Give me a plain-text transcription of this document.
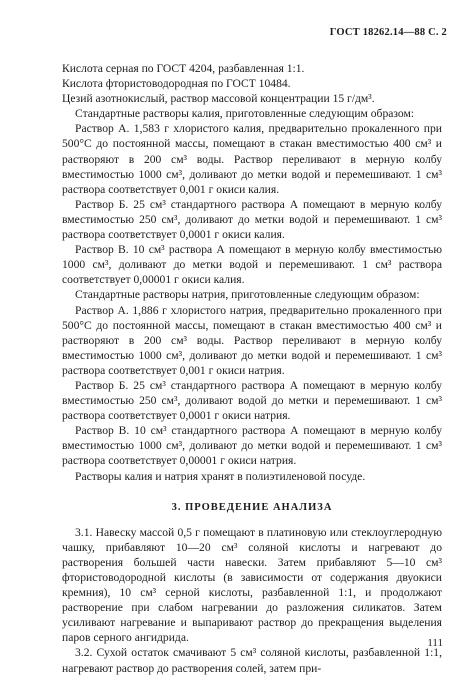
ГОСТ 18262.14—88 С. 2

Кислота серная по ГОСТ 4204, разбавленная 1:1.

Кислота фтористоводородная по ГОСТ 10484.

Цезий азотнокислый, раствор массовой концентрации 15 г/дм³.

Стандартные растворы калия, приготовленные следующим образом:

Раствор А. 1,583 г хлористого калия, предварительно прокаленного при 500°С до постоянной массы, помещают в стакан вместимостью 400 см³ и растворяют в 200 см³ воды. Раствор переливают в мерную колбу вместимостью 1000 см³, доливают до метки водой и перемешивают. 1 см³ раствора соответствует 0,001 г окиси калия.

Раствор Б. 25 см³ стандартного раствора А помещают в мерную колбу вместимостью 250 см³, доливают до метки водой и перемешивают. 1 см³ раствора соответствует 0,0001 г окиси калия.

Раствор В. 10 см³ раствора А помещают в мерную колбу вместимостью 1000 см³, доливают до метки водой и перемешивают. 1 см³ раствора соответствует 0,00001 г окиси калия.

Стандартные растворы натрия, приготовленные следующим образом:

Раствор А. 1,886 г хлористого натрия, предварительно прокаленного при 500°С до постоянной массы, помещают в стакан вместимостью 400 см³ и растворяют в 200 см³ воды. Раствор переливают в мерную колбу вместимостью 1000 см³, доливают до метки водой и перемешивают. 1 см³ раствора соответствует 0,001 г окиси натрия.

Раствор Б. 25 см³ стандартного раствора А помещают в мерную колбу вместимостью 250 см³, доливают водой до метки и перемешивают. 1 см³ раствора соответствует 0,0001 г окиси натрия.

Раствор В. 10 см³ стандартного раствора А помещают в мерную колбу вместимостью 1000 см³, доливают до метки водой и перемешивают. 1 см³ раствора соответствует 0,00001 г окиси натрия.

Растворы калия и натрия хранят в полиэтиленовой посуде.

3. ПРОВЕДЕНИЕ АНАЛИЗА

3.1. Навеску массой 0,5 г помещают в платиновую или стеклоуглеродную чашку, прибавляют 10—20 см³ соляной кислоты и нагревают до растворения большей части навески. Затем прибавляют 5—10 см³ фтористоводородной кислоты (в зависимости от содержания двуокиси кремния), 10 см³ серной кислоты, разбавленной 1:1, и продолжают растворение при слабом нагревании до разложения силикатов. Затем усиливают нагревание и выпаривают раствор до прекращения выделения паров серного ангидрида.

3.2. Сухой остаток смачивают 5 см³ соляной кислоты, разбавленной 1:1, нагревают раствор до растворения солей, затем при-

111
